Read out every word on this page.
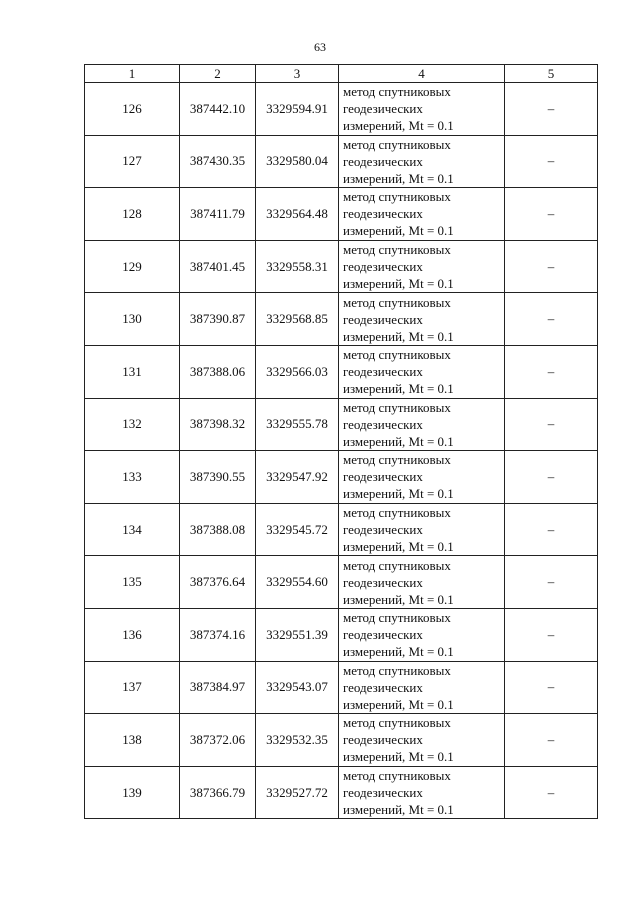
63
1	2	3	4	5
126	387442.10	3329594.91	метод спутниковых
геодезических
измерений, Mt = 0.1	–
127	387430.35	3329580.04	метод спутниковых
геодезических
измерений, Mt = 0.1	–
128	387411.79	3329564.48	метод спутниковых
геодезических
измерений, Mt = 0.1	–
129	387401.45	3329558.31	метод спутниковых
геодезических
измерений, Mt = 0.1	–
130	387390.87	3329568.85	метод спутниковых
геодезических
измерений, Mt = 0.1	–
131	387388.06	3329566.03	метод спутниковых
геодезических
измерений, Mt = 0.1	–
132	387398.32	3329555.78	метод спутниковых
геодезических
измерений, Mt = 0.1	–
133	387390.55	3329547.92	метод спутниковых
геодезических
измерений, Mt = 0.1	–
134	387388.08	3329545.72	метод спутниковых
геодезических
измерений, Mt = 0.1	–
135	387376.64	3329554.60	метод спутниковых
геодезических
измерений, Mt = 0.1	–
136	387374.16	3329551.39	метод спутниковых
геодезических
измерений, Mt = 0.1	–
137	387384.97	3329543.07	метод спутниковых
геодезических
измерений, Mt = 0.1	–
138	387372.06	3329532.35	метод спутниковых
геодезических
измерений, Mt = 0.1	–
139	387366.79	3329527.72	метод спутниковых
геодезических
измерений, Mt = 0.1	–
